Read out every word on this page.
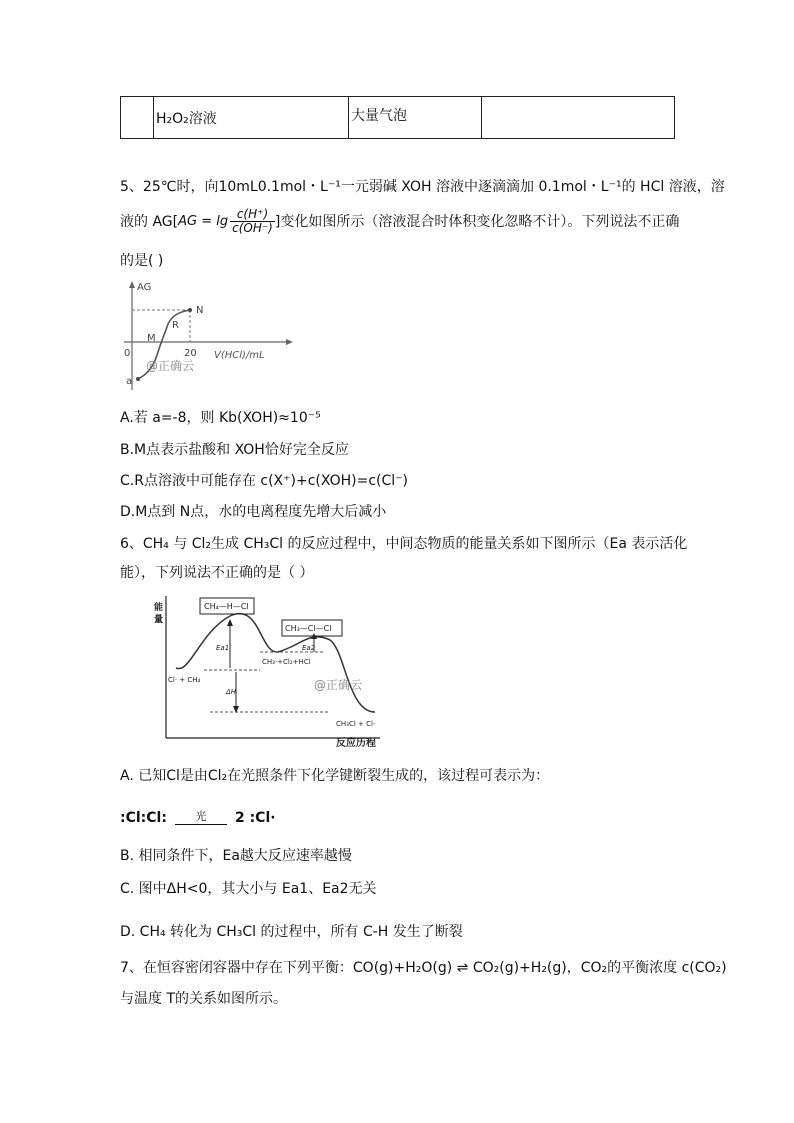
	H₂O₂溶液	大量气泡	
5、25℃时，向10mL0.1mol・L⁻¹一元弱碱 XOH 溶液中逐滴滴加 0.1mol・L⁻¹的 HCl 溶液，溶
液的 AG[ AG = $\lg \frac{c(H^+)}{c(OH^-)}$ ]变化如图所示（溶液混合时体积变化忽略不计）。下列说法不正确
的是( )
AG
V(HCl)/mL
0	20
a
M
R
N
@正确云
A.若 a=-8，则 Kb(XOH)≈10⁻⁵
B.M点表示盐酸和 XOH恰好完全反应
C.R点溶液中可能存在 c(X⁺)+c(XOH)=c(Cl⁻)
D.M点到 N点，水的电离程度先增大后减小
6、CH₄ 与 Cl₂生成 CH₃Cl 的反应过程中，中间态物质的能量关系如下图所示（Ea 表示活化
能），下列说法不正确的是（ ）
能
量
反应历程
CH₄—H—Cl
CH₃—Cl—Cl
Ea1	Ea2
Cl· + CH₄
CH₃·+Cl₂+HCl
ΔH
CH₃Cl + Cl·
@正确云
A. 已知Cl是由Cl₂在光照条件下化学键断裂生成的，该过程可表示为：
:Cl:Cl:	光 2 :Cl·
B. 相同条件下，Ea越大反应速率越慢
C. 图中ΔH<0，其大小与 Ea1、Ea2无关
D. CH₄ 转化为 CH₃Cl 的过程中，所有 C-H 发生了断裂
7、在恒容密闭容器中存在下列平衡：CO(g)+H₂O(g) ⇌ CO₂(g)+H₂(g)，CO₂的平衡浓度 c(CO₂)
与温度 T的关系如图所示。
